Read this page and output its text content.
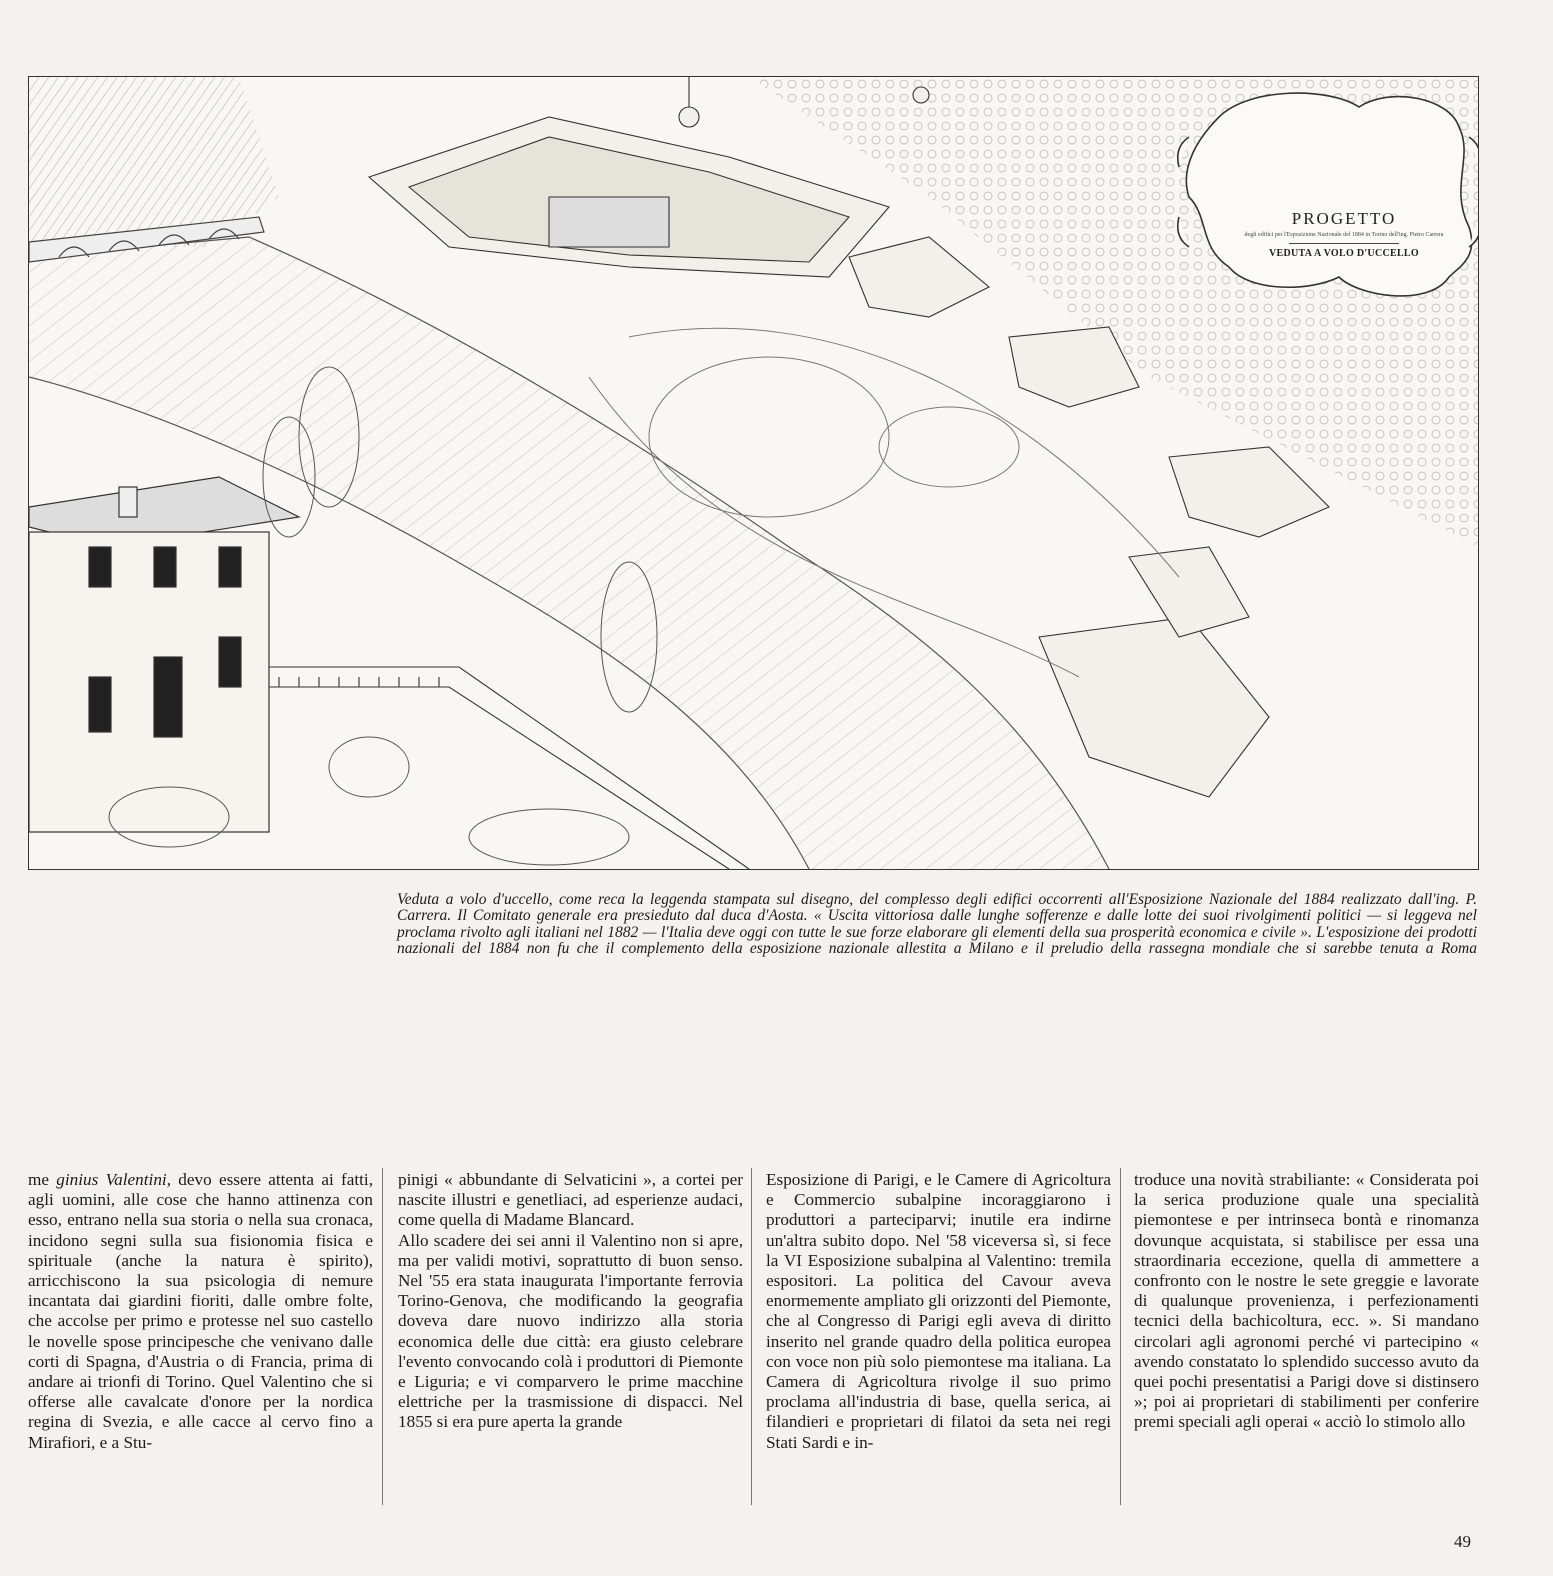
PROGETTO
degli edifici per l'Esposizione Nazionale del 1884 in Torino dell'ing. Pietro Carrera
VEDUTA A VOLO D'UCCELLO
Veduta a volo d'uccello, come reca la leggenda stampata sul disegno, del complesso degli edifici occorrenti all'Esposizione Nazionale del 1884 realizzato dall'ing. P. Carrera. Il Comitato generale era presieduto dal duca d'Aosta. « Uscita vittoriosa dalle lunghe sofferenze e dalle lotte dei suoi rivolgimenti politici — si leggeva nel proclama rivolto agli italiani nel 1882 — l'Italia deve oggi con tutte le sue forze elaborare gli elementi della sua prosperità economica e civile ». L'esposizione dei prodotti nazionali del 1884 non fu che il complemento della esposizione nazionale allestita a Milano e il preludio della rassegna mondiale che si sarebbe tenuta a Roma

me ginius Valentini, devo essere attenta ai fatti, agli uomini, alle cose che hanno attinenza con esso, entrano nella sua storia o nella sua cronaca, incidono segni sulla sua fisionomia fisica e spirituale (anche la natura è spirito), arricchiscono la sua psicologia di nemure incantata dai giardini fioriti, dalle ombre folte, che accolse per primo e protesse nel suo castello le novelle spose principesche che venivano dalle corti di Spagna, d'Austria o di Francia, prima di andare ai trionfi di Torino. Quel Valentino che si offerse alle cavalcate d'onore per la nordica regina di Svezia, e alle cacce al cervo fino a Mirafiori, e a Stu-

pinigi « abbundante di Selvaticini », a cortei per nascite illustri e genetliaci, ad esperienze audaci, come quella di Madame Blancard.

Allo scadere dei sei anni il Valentino non si apre, ma per validi motivi, soprattutto di buon senso. Nel '55 era stata inaugurata l'importante ferrovia Torino-Genova, che modificando la geografia doveva dare nuovo indirizzo alla storia economica delle due città: era giusto celebrare l'evento convocando colà i produttori di Piemonte e Liguria; e vi comparvero le prime macchine elettriche per la trasmissione di dispacci. Nel 1855 si era pure aperta la grande

Esposizione di Parigi, e le Camere di Agricoltura e Commercio subalpine incoraggiarono i produttori a parteciparvi; inutile era indirne un'altra subito dopo. Nel '58 viceversa sì, si fece la VI Esposizione subalpina al Valentino: tremila espositori. La politica del Cavour aveva enormemente ampliato gli orizzonti del Piemonte, che al Congresso di Parigi egli aveva di diritto inserito nel grande quadro della politica europea con voce non più solo piemontese ma italiana. La Camera di Agricoltura rivolge il suo primo proclama all'industria di base, quella serica, ai filandieri e proprietari di filatoi da seta nei regi Stati Sardi e in-

troduce una novità strabiliante: « Considerata poi la serica produzione quale una specialità piemontese e per intrinseca bontà e rinomanza dovunque acquistata, si stabilisce per essa una straordinaria eccezione, quella di ammettere a confronto con le nostre le sete greggie e lavorate di qualunque provenienza, i perfezionamenti tecnici della bachicoltura, ecc. ». Si mandano circolari agli agronomi perché vi partecipino « avendo constatato lo splendido successo avuto da quei pochi presentatisi a Parigi dove si distinsero »; poi ai proprietari di stabilimenti per conferire premi speciali agli operai « acciò lo stimolo allo

49
